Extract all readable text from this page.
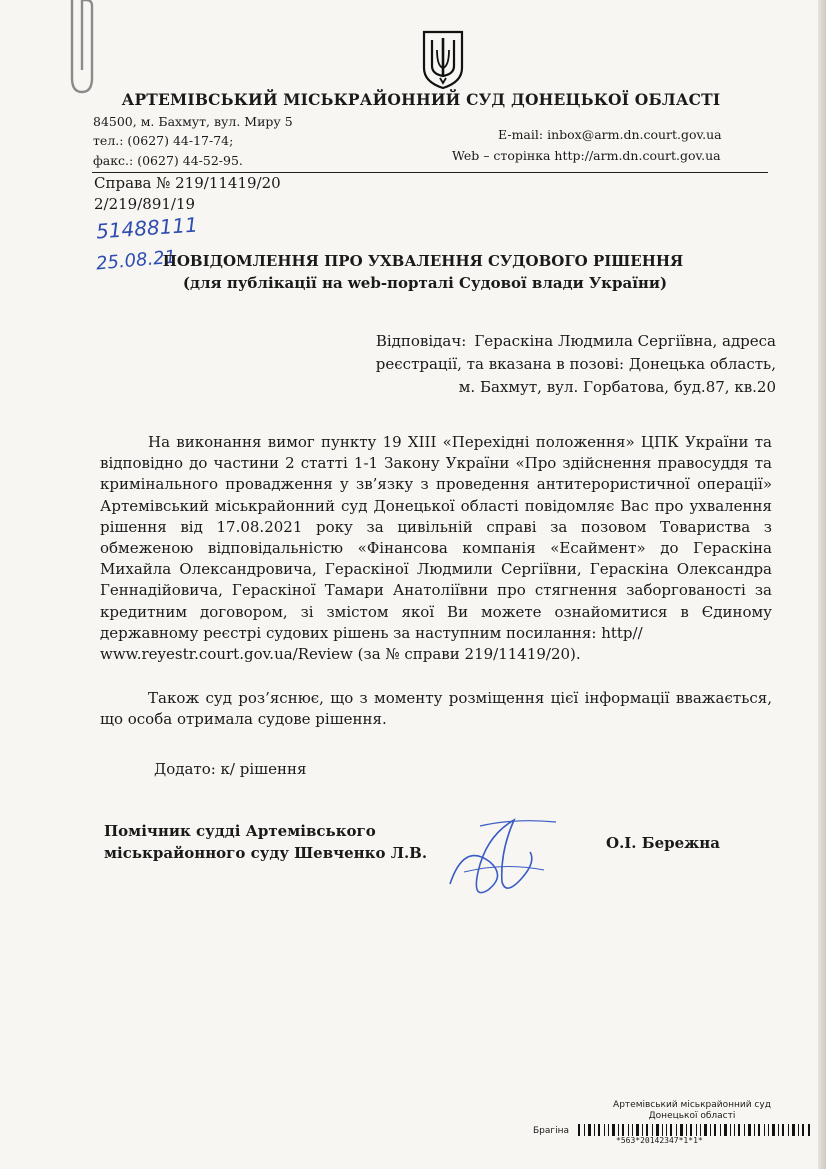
АРТЕМІВСЬКИЙ МІСЬКРАЙОННИЙ СУД ДОНЕЦЬКОЇ ОБЛАСТІ
84500, м. Бахмут, вул. Миру 5
тел.: (0627) 44-17-74;
факс.: (0627) 44-52-95.
E-mail: inbox@arm.dn.court.gov.ua
Web – сторінка http://arm.dn.court.gov.ua
Справа № 219/11419/20
2/219/891/19
51488111
25.08.21
ПОВІДОМЛЕННЯ ПРО УХВАЛЕННЯ СУДОВОГО РІШЕННЯ
(для публікації на web-порталі Судової влади України)
Відповідач: Гераскіна Людмила Сергіївна, адреса
реєстрації, та вказана в позові: Донецька область,
м. Бахмут, вул. Горбатова, буд.87, кв.20
На виконання вимог пункту 19 XIII «Перехідні положення» ЦПК України та відповідно до частини 2 статті 1-1 Закону України «Про здійснення правосуддя та кримінального провадження у зв’язку з проведення антитерористичної операції» Артемівський міськрайонний суд Донецької області повідомляє Вас про ухвалення рішення від 17.08.2021 року за цивільній справі за позовом Товариства з обмеженою відповідальністю «Фінансова компанія «Есаймент» до Гераскіна Михайла Олександровича, Гераскіної Людмили Сергіївни, Гераскіна Олександра Геннадійовича, Гераскіної Тамари Анатоліївни про стягнення заборгованості за кредитним договором, зі змістом якої Ви можете ознайомитися в Єдиному державному реєстрі судових рішень за наступним посилання: http//
www.reyestr.court.gov.ua/Review (за № справи 219/11419/20).
Також суд роз’яснює, що з моменту розміщення цієї інформації вважається, що особа отримала судове рішення.
Додато: к/ рішення
Помічник судді Артемівського
міськрайонного суду Шевченко Л.В.
О.І. Бережна
Артемівський міськрайонний суд
Донецької області
Брагіна
*563*20142347*1*1*
